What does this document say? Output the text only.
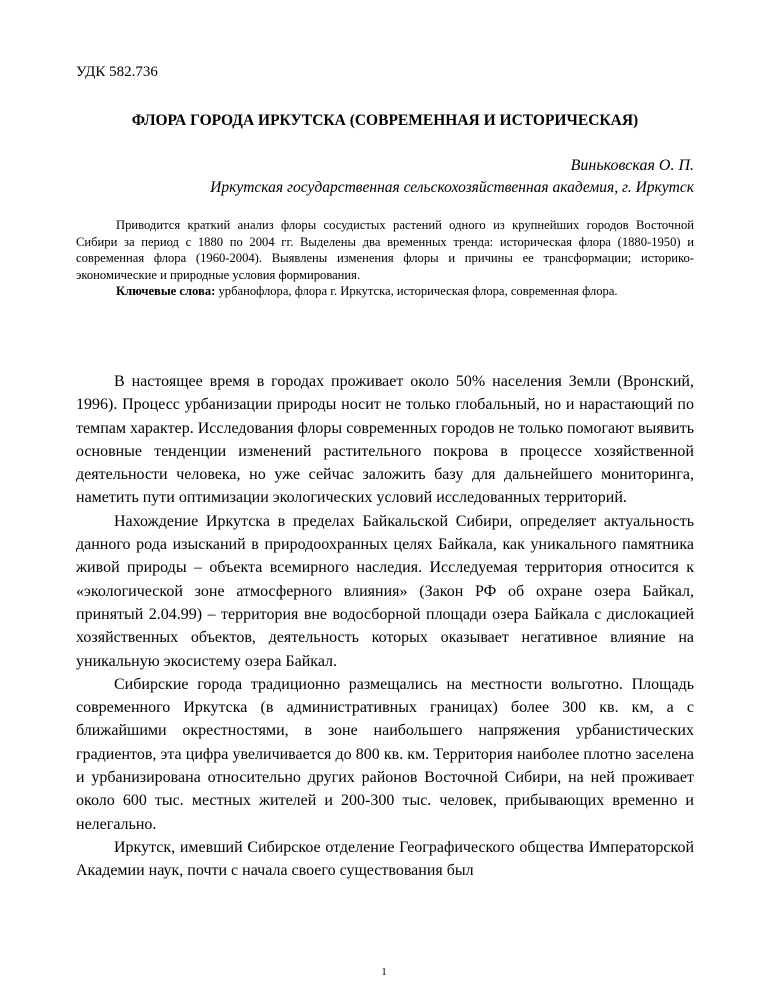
УДК 582.736
ФЛОРА ГОРОДА ИРКУТСКА (СОВРЕМЕННАЯ И ИСТОРИЧЕСКАЯ)
Виньковская О. П.
Иркутская государственная сельскохозяйственная академия, г. Иркутск

Приводится краткий анализ флоры сосудистых растений одного из крупнейших городов Восточной Сибири за период с 1880 по 2004 гг. Выделены два временных тренда: историческая флора (1880-1950) и современная флора (1960-2004). Выявлены изменения флоры и причины ее трансформации; историко-экономические и природные условия формирования.

Ключевые слова: урбанофлора, флора г. Иркутска, историческая флора, современная флора.

В настоящее время в городах проживает около 50% населения Земли (Вронский, 1996). Процесс урбанизации природы носит не только глобальный, но и нарастающий по темпам характер. Исследования флоры современных городов не только помогают выявить основные тенденции изменений растительного покрова в процессе хозяйственной деятельности человека, но уже сейчас заложить базу для дальнейшего мониторинга, наметить пути оптимизации экологических условий исследованных территорий.

Нахождение Иркутска в пределах Байкальской Сибири, определяет актуальность данного рода изысканий в природоохранных целях Байкала, как уникального памятника живой природы – объекта всемирного наследия. Исследуемая территория относится к «экологической зоне атмосферного влияния» (Закон РФ об охране озера Байкал, принятый 2.04.99) – территория вне водосборной площади озера Байкала с дислокацией хозяйственных объектов, деятельность которых оказывает негативное влияние на уникальную экосистему озера Байкал.

Сибирские города традиционно размещались на местности вольготно. Площадь современного Иркутска (в административных границах) более 300 кв. км, а с ближайшими окрестностями, в зоне наибольшего напряжения урбанистических градиентов, эта цифра увеличивается до 800 кв. км. Территория наиболее плотно заселена и урбанизирована относительно других районов Восточной Сибири, на ней проживает около 600 тыс. местных жителей и 200-300 тыс. человек, прибывающих временно и нелегально.

Иркутск, имевший Сибирское отделение Географического общества Императорской Академии наук, почти с начала своего существования был

1
